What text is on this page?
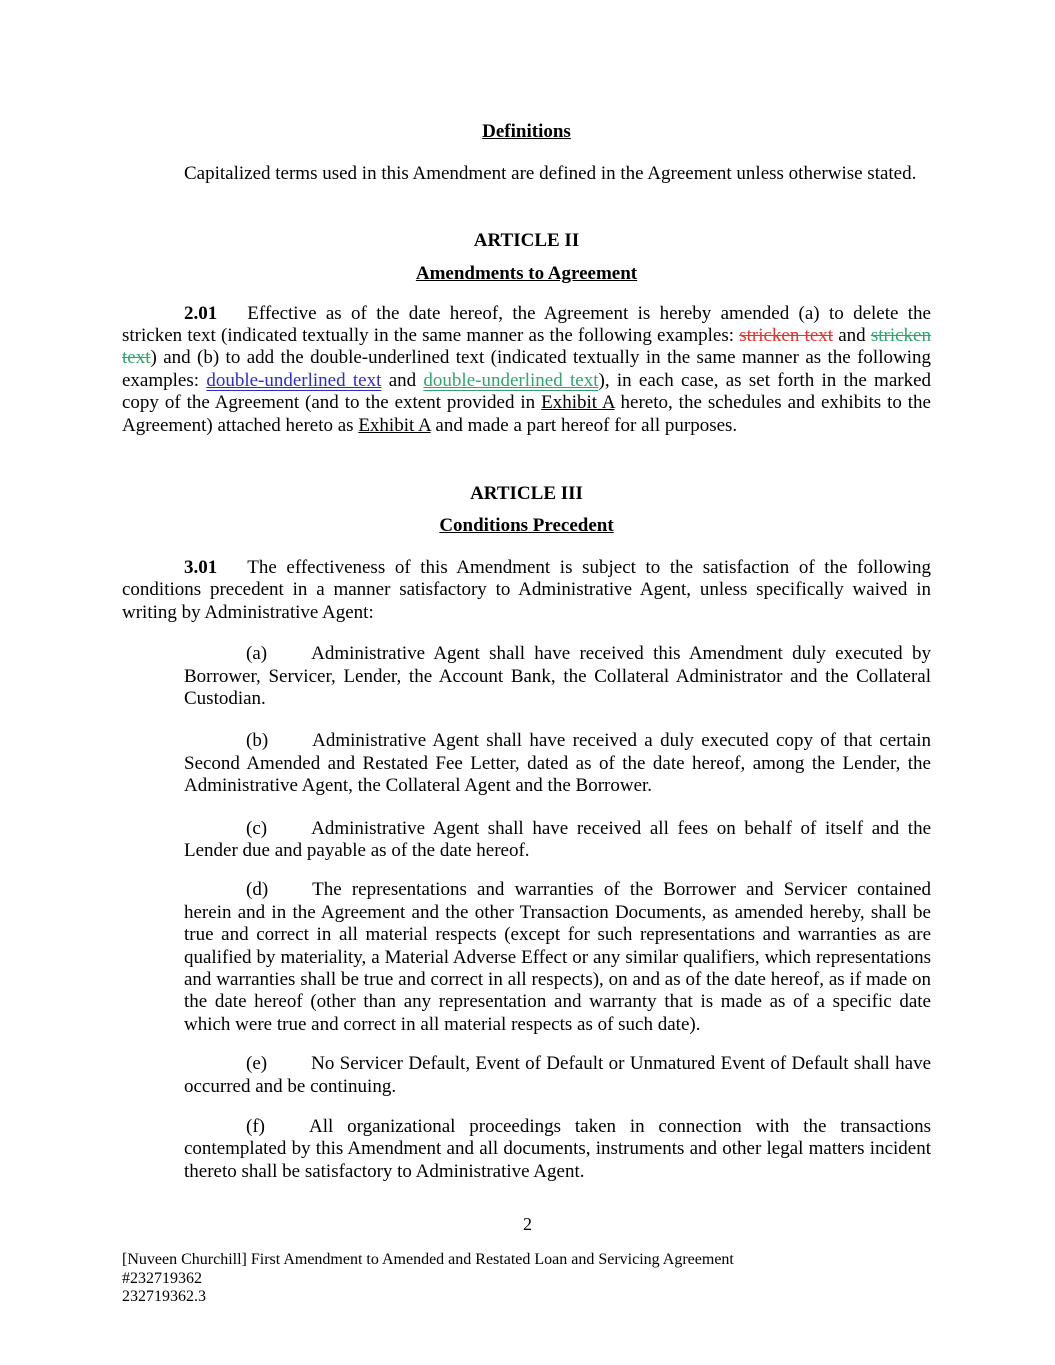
Definitions

Capitalized terms used in this Amendment are defined in the Agreement unless otherwise stated.

ARTICLE II
Amendments to Agreement

2.01 Effective as of the date hereof, the Agreement is hereby amended (a) to delete the stricken text (indicated textually in the same manner as the following examples: stricken text and stricken text) and (b) to add the double-underlined text (indicated textually in the same manner as the following examples: double-underlined text and double-underlined text), in each case, as set forth in the marked copy of the Agreement (and to the extent provided in Exhibit A hereto, the schedules and exhibits to the Agreement) attached hereto as Exhibit A and made a part hereof for all purposes.

ARTICLE III
Conditions Precedent

3.01 The effectiveness of this Amendment is subject to the satisfaction of the following conditions precedent in a manner satisfactory to Administrative Agent, unless specifically waived in writing by Administrative Agent:

(a) Administrative Agent shall have received this Amendment duly executed by Borrower, Servicer, Lender, the Account Bank, the Collateral Administrator and the Collateral Custodian.

(b) Administrative Agent shall have received a duly executed copy of that certain Second Amended and Restated Fee Letter, dated as of the date hereof, among the Lender, the Administrative Agent, the Collateral Agent and the Borrower.

(c) Administrative Agent shall have received all fees on behalf of itself and the Lender due and payable as of the date hereof.

(d) The representations and warranties of the Borrower and Servicer contained herein and in the Agreement and the other Transaction Documents, as amended hereby, shall be true and correct in all material respects (except for such representations and warranties as are qualified by materiality, a Material Adverse Effect or any similar qualifiers, which representations and warranties shall be true and correct in all respects), on and as of the date hereof, as if made on the date hereof (other than any representation and warranty that is made as of a specific date which were true and correct in all material respects as of such date).

(e) No Servicer Default, Event of Default or Unmatured Event of Default shall have occurred and be continuing.

(f) All organizational proceedings taken in connection with the transactions contemplated by this Amendment and all documents, instruments and other legal matters incident thereto shall be satisfactory to Administrative Agent.

2
[Nuveen Churchill] First Amendment to Amended and Restated Loan and Servicing Agreement
#232719362
232719362.3
